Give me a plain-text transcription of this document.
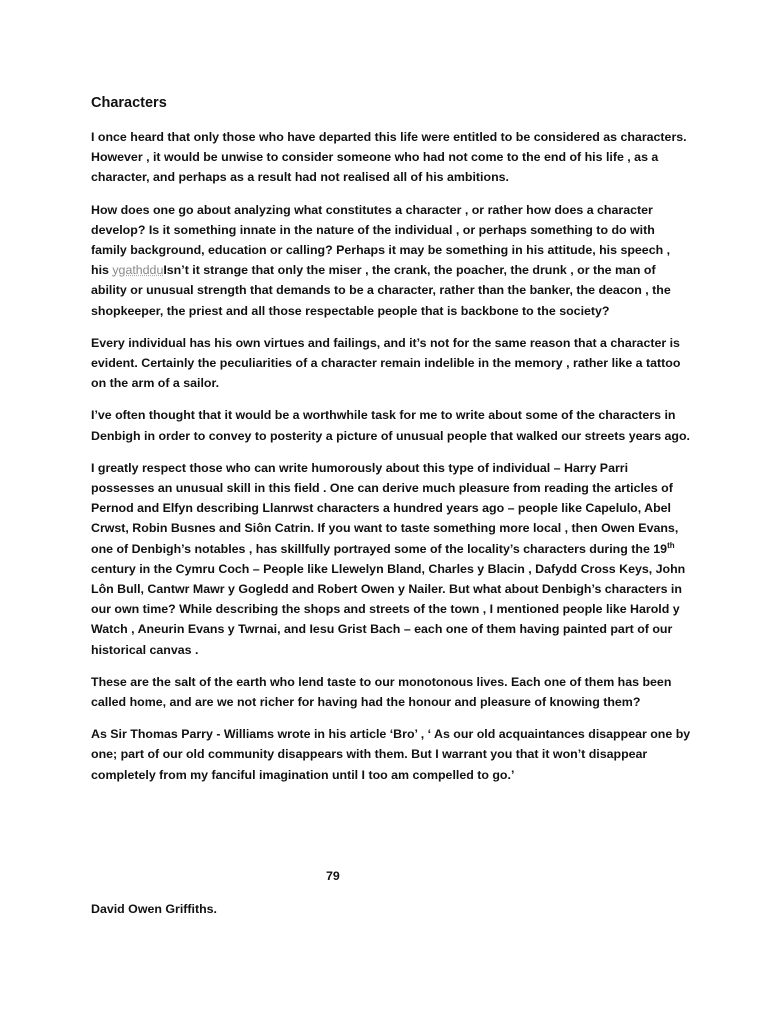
Characters

I once heard that only those who have departed this life were entitled to be considered as characters. However , it would be unwise to consider someone who had not come to the end of his life , as a character, and perhaps as a result had not realised all of his ambitions.

How does one go about analyzing what constitutes a character , or rather how does a character develop? Is it something innate in the nature of the individual , or perhaps something to do with family background, education or calling? Perhaps it may be something in his attitude, his speech , his ygathdduIsn’t it strange that only the miser , the crank, the poacher, the drunk , or the man of ability or unusual strength that demands to be a character, rather than the banker, the deacon , the shopkeeper, the priest and all those respectable people that is backbone to the society?

Every individual has his own virtues and failings, and it’s not for the same reason that a character is evident. Certainly the peculiarities of a character remain indelible in the memory , rather like a tattoo on the arm of a sailor.

I’ve often thought that it would be a worthwhile task for me to write about some of the characters in Denbigh in order to convey to posterity a picture of unusual people that walked our streets years ago.

I greatly respect those who can write humorously about this type of individual – Harry Parri possesses an unusual skill in this field . One can derive much pleasure from reading the articles of Pernod and Elfyn describing Llanrwst characters a hundred years ago – people like Capelulo, Abel Crwst, Robin Busnes and Siôn Catrin. If you want to taste something more local , then Owen Evans, one of Denbigh’s notables , has skillfully portrayed some of the locality’s characters during the 19th century in the Cymru Coch – People like Llewelyn Bland, Charles y Blacin , Dafydd Cross Keys, John Lôn Bull, Cantwr Mawr y Gogledd and Robert Owen y Nailer. But what about Denbigh’s characters in our own time? While describing the shops and streets of the town , I mentioned people like Harold y Watch , Aneurin Evans y Twrnai, and Iesu Grist Bach – each one of them having painted part of our historical canvas .

These are the salt of the earth who lend taste to our monotonous lives. Each one of them has been called home, and are we not richer for having had the honour and pleasure of knowing them?

As Sir Thomas Parry - Williams wrote in his article ‘Bro’ , ‘ As our old acquaintances disappear one by one; part of our old community disappears with them. But I warrant you that it won’t disappear completely from my fanciful imagination until I too am compelled to go.’

79
David Owen Griffiths.
